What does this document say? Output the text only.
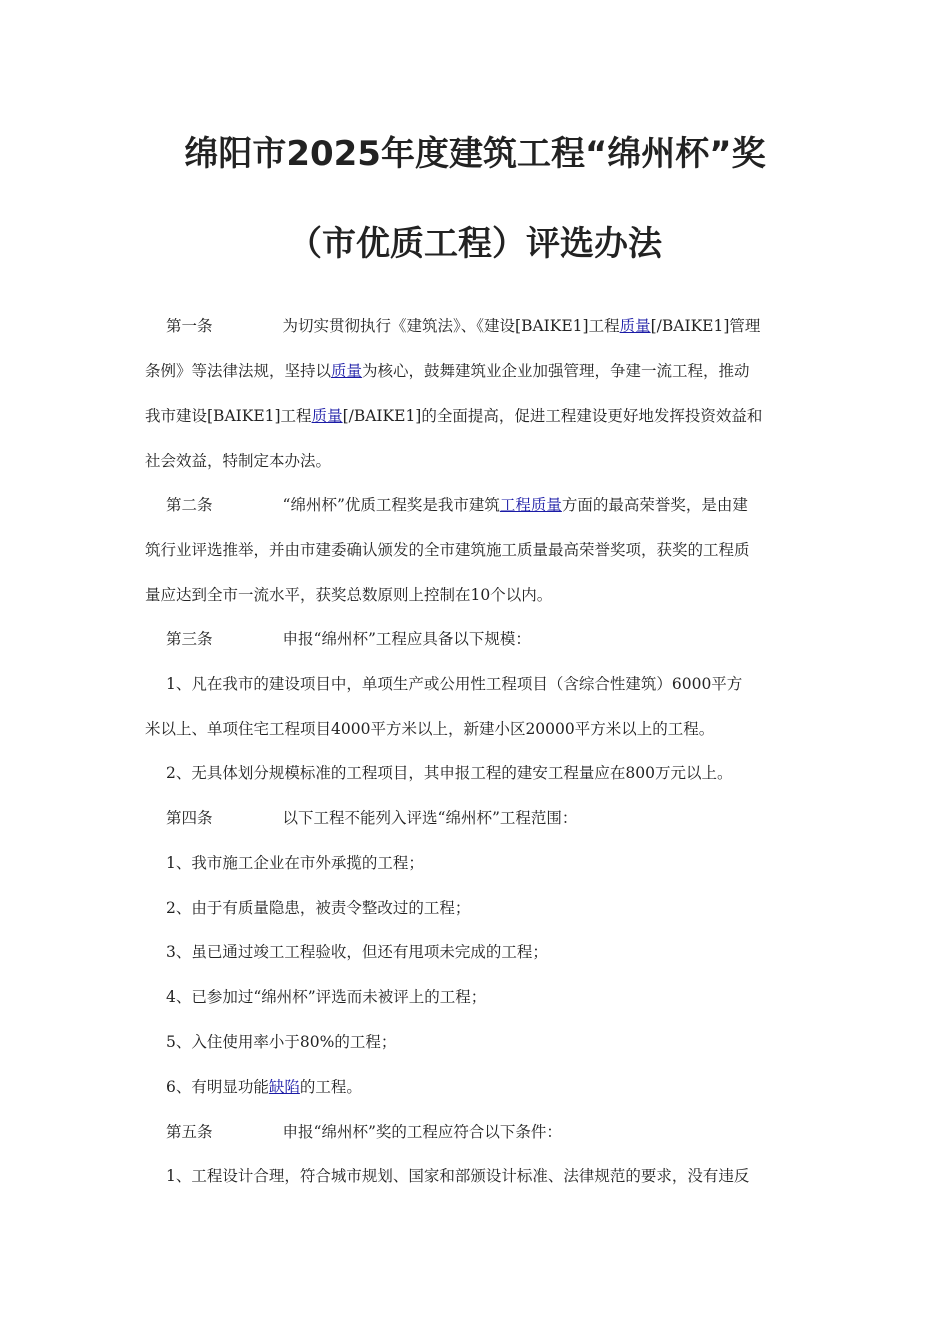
绵阳市2025年度建筑工程“绵州杯”奖
（市优质工程）评选办法
第一条	为切实贯彻执行《建筑法》、《建设[BAIKE1]工程质量[/BAIKE1]管理
条例》等法律法规，坚持以质量为核心，鼓舞建筑业企业加强管理，争建一流工程，推动
我市建设[BAIKE1]工程质量[/BAIKE1]的全面提高，促进工程建设更好地发挥投资效益和
社会效益，特制定本办法。
第二条	“绵州杯”优质工程奖是我市建筑工程质量方面的最高荣誉奖，是由建
筑行业评选推举，并由市建委确认颁发的全市建筑施工质量最高荣誉奖项，获奖的工程质
量应达到全市一流水平，获奖总数原则上控制在10个以内。
第三条	申报“绵州杯”工程应具备以下规模：
1、凡在我市的建设项目中，单项生产或公用性工程项目（含综合性建筑）6000平方
米以上、单项住宅工程项目4000平方米以上，新建小区20000平方米以上的工程。
2、无具体划分规模标准的工程项目，其申报工程的建安工程量应在800万元以上。
第四条	以下工程不能列入评选“绵州杯”工程范围：
1、我市施工企业在市外承揽的工程；
2、由于有质量隐患，被责令整改过的工程；
3、虽已通过竣工工程验收，但还有甩项未完成的工程；
4、已参加过“绵州杯”评选而未被评上的工程；
5、入住使用率小于80%的工程；
6、有明显功能缺陷的工程。
第五条	申报“绵州杯”奖的工程应符合以下条件：
1、工程设计合理，符合城市规划、国家和部颁设计标准、法律规范的要求，没有违反
